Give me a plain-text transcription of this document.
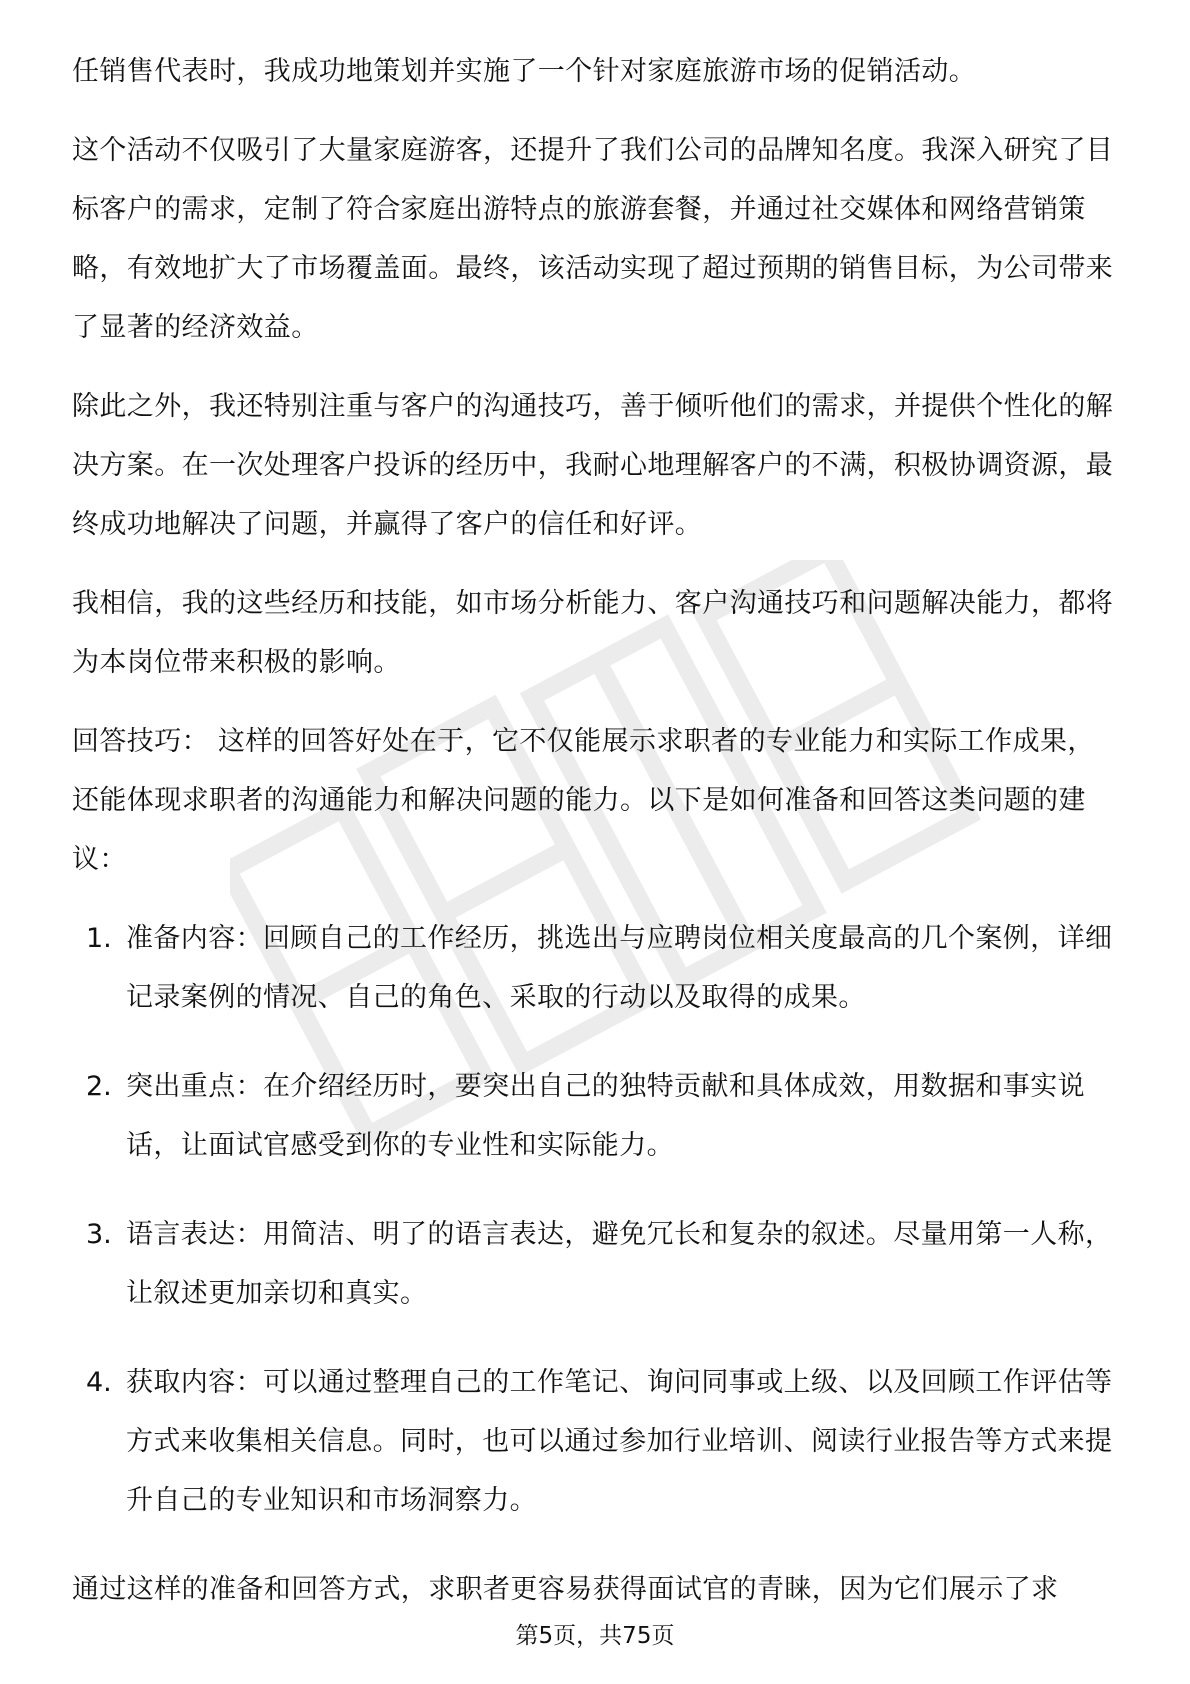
任销售代表时，我成功地策划并实施了一个针对家庭旅游市场的促销活动。

这个活动不仅吸引了大量家庭游客，还提升了我们公司的品牌知名度。我深入研究了目标客户的需求，定制了符合家庭出游特点的旅游套餐，并通过社交媒体和网络营销策略，有效地扩大了市场覆盖面。最终，该活动实现了超过预期的销售目标，为公司带来了显著的经济效益。

除此之外，我还特别注重与客户的沟通技巧，善于倾听他们的需求，并提供个性化的解决方案。在一次处理客户投诉的经历中，我耐心地理解客户的不满，积极协调资源，最终成功地解决了问题，并赢得了客户的信任和好评。

我相信，我的这些经历和技能，如市场分析能力、客户沟通技巧和问题解决能力，都将为本岗位带来积极的影响。

回答技巧： 这样的回答好处在于，它不仅能展示求职者的专业能力和实际工作成果，还能体现求职者的沟通能力和解决问题的能力。以下是如何准备和回答这类问题的建议：

1. 准备内容：回顾自己的工作经历，挑选出与应聘岗位相关度最高的几个案例，详细记录案例的情况、自己的角色、采取的行动以及取得的成果。
2. 突出重点：在介绍经历时，要突出自己的独特贡献和具体成效，用数据和事实说话，让面试官感受到你的专业性和实际能力。
3. 语言表达：用简洁、明了的语言表达，避免冗长和复杂的叙述。尽量用第一人称，让叙述更加亲切和真实。
4. 获取内容：可以通过整理自己的工作笔记、询问同事或上级、以及回顾工作评估等方式来收集相关信息。同时，也可以通过参加行业培训、阅读行业报告等方式来提升自己的专业知识和市场洞察力。

通过这样的准备和回答方式，求职者更容易获得面试官的青睐，因为它们展示了求

第5页，共75页
